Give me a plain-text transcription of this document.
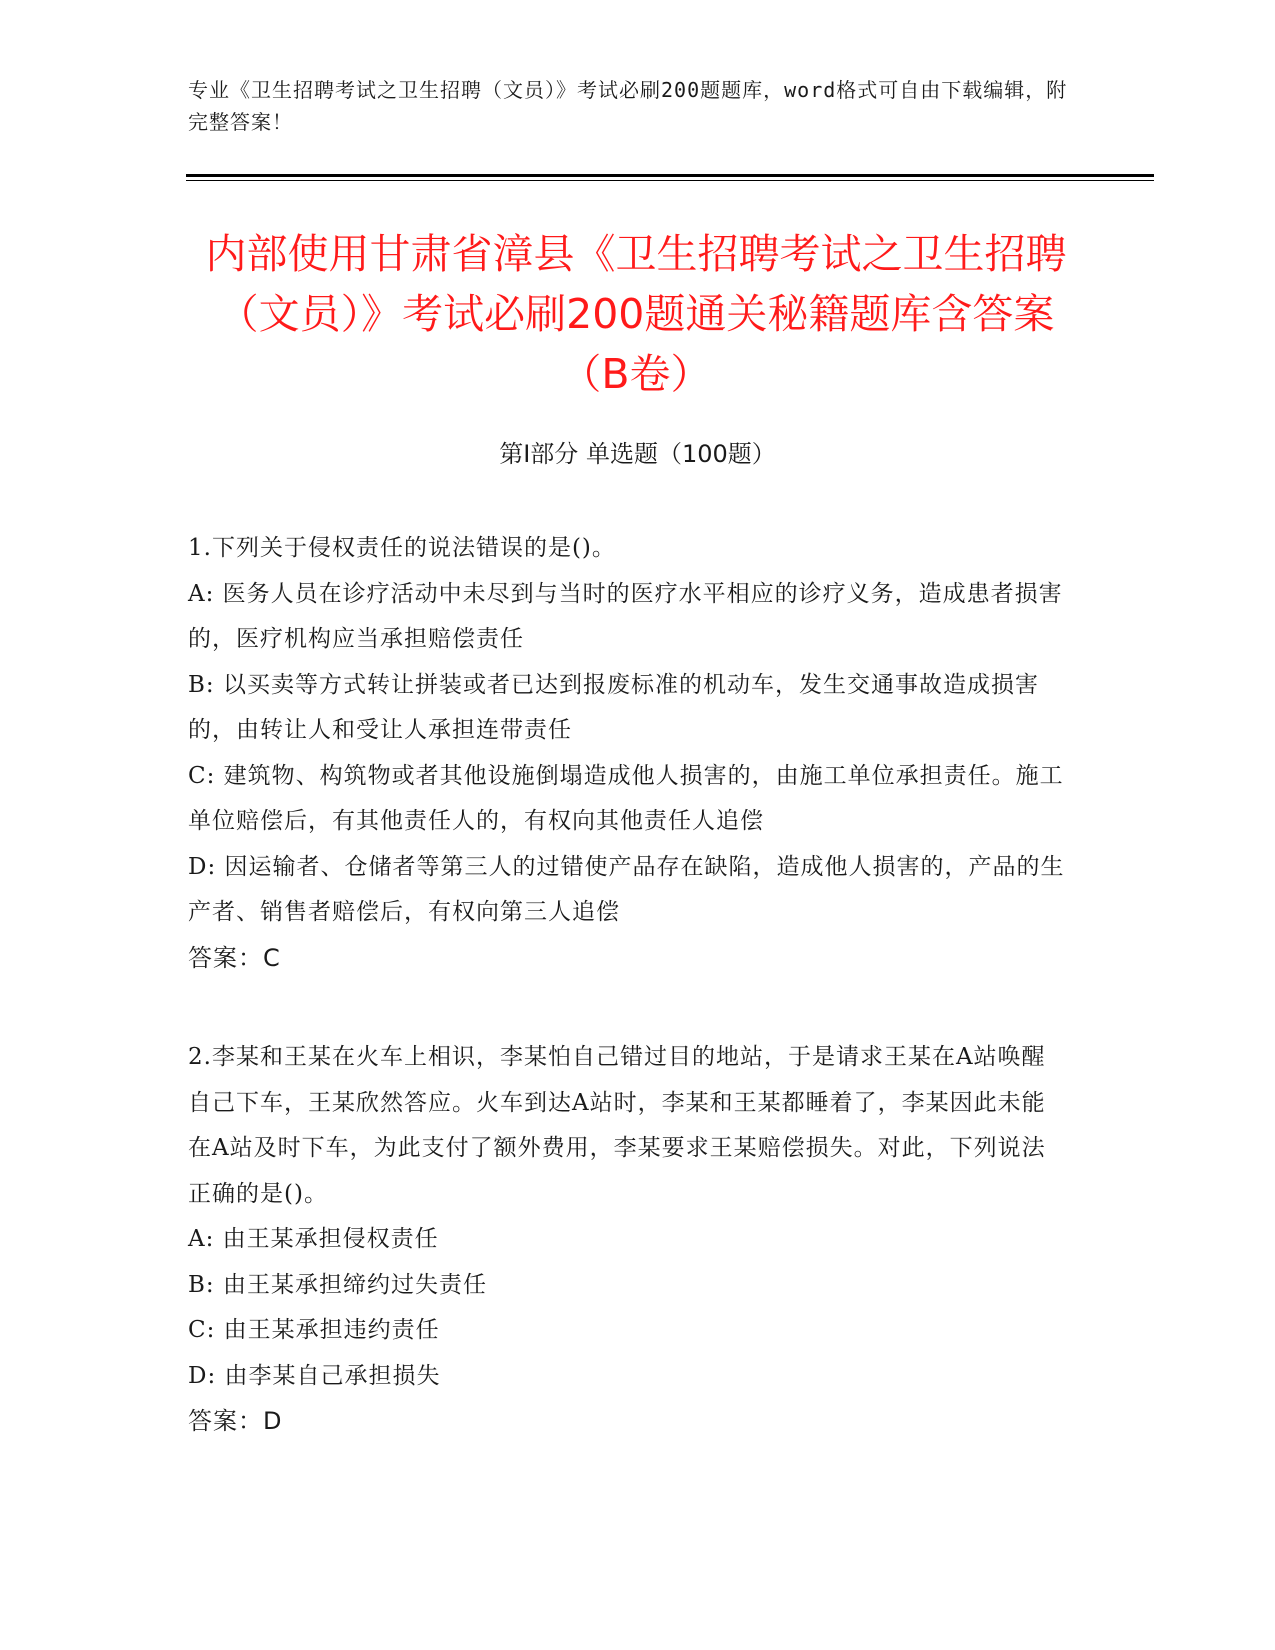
专业《卫生招聘考试之卫生招聘（文员）》考试必刷200题题库，word格式可自由下载编辑，附完整答案！
内部使用甘肃省漳县《卫生招聘考试之卫生招聘（文员）》考试必刷200题通关秘籍题库含答案（B卷）
第Ⅰ部分 单选题（100题）

1.下列关于侵权责任的说法错误的是()。

A: 医务人员在诊疗活动中未尽到与当时的医疗水平相应的诊疗义务，造成患者损害的，医疗机构应当承担赔偿责任

B: 以买卖等方式转让拼装或者已达到报废标准的机动车，发生交通事故造成损害的，由转让人和受让人承担连带责任

C: 建筑物、构筑物或者其他设施倒塌造成他人损害的，由施工单位承担责任。施工单位赔偿后，有其他责任人的，有权向其他责任人追偿

D: 因运输者、仓储者等第三人的过错使产品存在缺陷，造成他人损害的，产品的生产者、销售者赔偿后，有权向第三人追偿

答案：C

2.李某和王某在火车上相识，李某怕自己错过目的地站，于是请求王某在A站唤醒自己下车，王某欣然答应。火车到达A站时，李某和王某都睡着了，李某因此未能在A站及时下车，为此支付了额外费用，李某要求王某赔偿损失。对此，下列说法正确的是()。

A: 由王某承担侵权责任

B: 由王某承担缔约过失责任

C: 由王某承担违约责任

D: 由李某自己承担损失

答案：D
